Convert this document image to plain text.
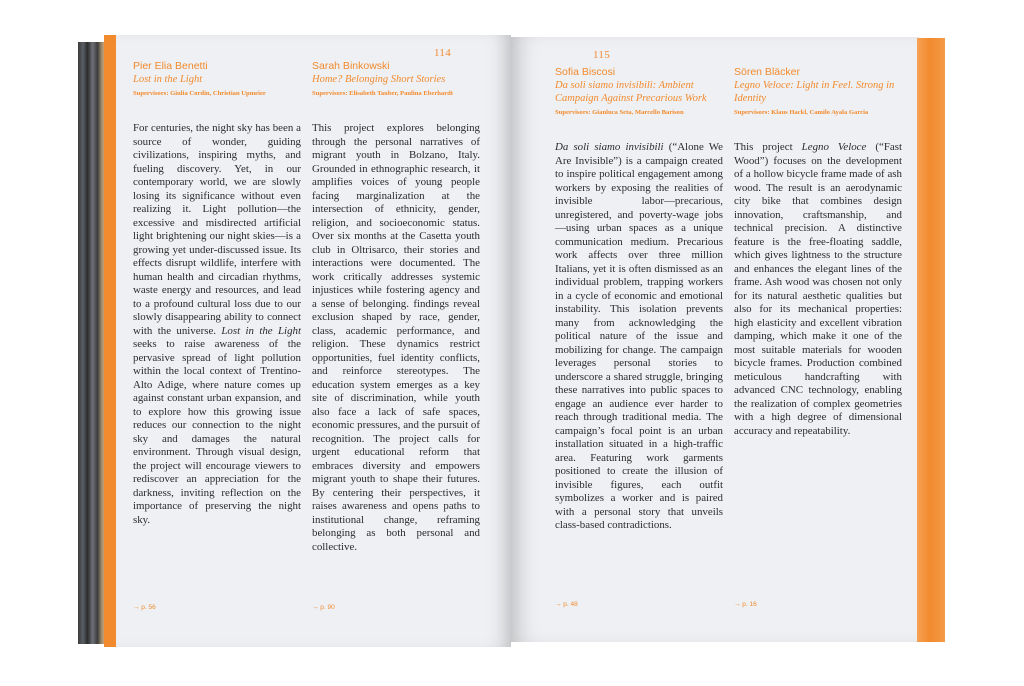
114
Pier Elia Benetti
Lost in the Light
Supervisors: Giulia Cordin, Christian Upmeier
For centuries, the night sky has been a source of wonder, guiding civilizations, inspiring myths, and fueling discovery. Yet, in our contemporary world, we are slowly losing its significance without even realizing it. Light pollution—the excessive and misdirected artificial light brightening our night skies—is a growing yet under-discussed issue. Its effects disrupt wildlife, interfere with human health and circadian rhythms, waste energy and resources, and lead to a profound cultural loss due to our slowly disappearing ability to connect with the universe. Lost in the Light seeks to raise awareness of the pervasive spread of light pollution within the local context of Trentino-Alto Adige, where nature comes up against constant urban expansion, and to explore how this growing issue reduces our connection to the night sky and damages the natural environment. Through visual design, the project will encourage viewers to rediscover an appreciation for the darkness, inviting reflection on the importance of preserving the night sky.
Sarah Binkowski
Home? Belonging Short Stories
Supervisors: Elisabeth Tauber, Paulina Eberhardt
This project explores belonging through the personal narratives of migrant youth in Bolzano, Italy. Grounded in ethnographic research, it amplifies voices of young people facing marginalization at the intersection of ethnicity, gender, religion, and socioeconomic status. Over six months at the Casetta youth club in Oltrisarco, their stories and interactions were documented. The work critically addresses systemic injustices while fostering agency and a sense of belonging. findings reveal exclusion shaped by race, gender, class, academic performance, and religion. These dynamics restrict opportunities, fuel identity conflicts, and reinforce stereotypes. The education system emerges as a key site of discrimination, while youth also face a lack of safe spaces, economic pressures, and the pursuit of recognition. The project calls for urgent educational reform that embraces diversity and empowers migrant youth to shape their futures. By centering their perspectives, it raises awareness and opens paths to institutional change, reframing belonging as both personal and collective.
→ p. 56	→ p. 90
115
Sofia Biscosi
Da soli siamo invisibili: Ambient Campaign Against Precarious Work
Supervisors: Gianluca Seta, Marcello Barison
Da soli siamo invisibili (“Alone We Are Invisible”) is a campaign created to inspire political engagement among workers by exposing the realities of invisible labor—precarious, unregistered, and poverty-wage jobs—using urban spaces as a unique communication medium. Precarious work affects over three million Italians, yet it is often dismissed as an individual problem, trapping workers in a cycle of economic and emotional instability. This isolation prevents many from acknowledging the political nature of the issue and mobilizing for change. The campaign leverages personal stories to underscore a shared struggle, bringing these narratives into public spaces to engage an audience ever harder to reach through traditional media. The campaign’s focal point is an urban installation situated in a high-traffic area. Featuring work garments positioned to create the illusion of invisible figures, each outfit symbolizes a worker and is paired with a personal story that unveils class-based contradictions.
Sören Bläcker
Legno Veloce: Light in Feel. Strong in Identity
Supervisors: Klaus Hackl, Camilo Ayala Garcia
This project Legno Veloce (“Fast Wood”) focuses on the development of a hollow bicycle frame made of ash wood. The result is an aerodynamic city bike that combines design innovation, craftsmanship, and technical precision. A distinctive feature is the free-floating saddle, which gives lightness to the structure and enhances the elegant lines of the frame. Ash wood was chosen not only for its natural aesthetic qualities but also for its mechanical properties: high elasticity and excellent vibration damping, which make it one of the most suitable materials for wooden bicycle frames. Production combined meticulous handcrafting with advanced CNC technology, enabling the realization of complex geometries with a high degree of dimensional accuracy and repeatability.
→ p. 48	→ p. 16
